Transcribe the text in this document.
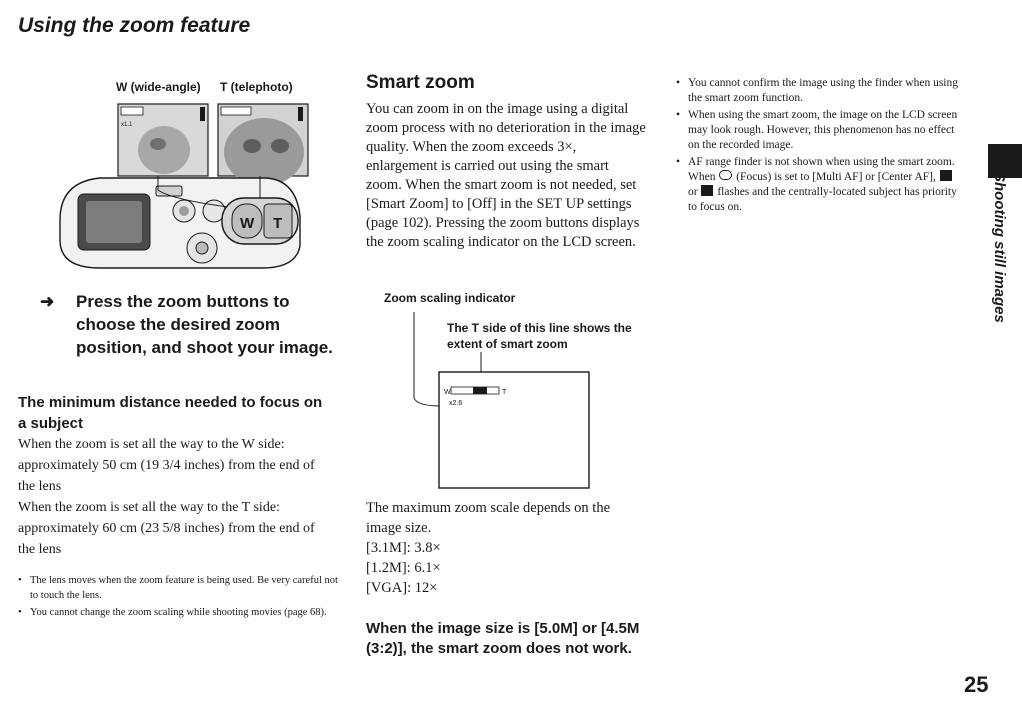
Using the zoom feature
W (wide-angle) T (telephoto)
x1.1
W T
➜	Press the zoom buttons to choose the desired zoom position, and shoot your image.
The minimum distance needed to focus on a subject
When the zoom is set all the way to the W side: approximately 50 cm (19 3/4 inches) from the end of the lens
When the zoom is set all the way to the T side: approximately 60 cm (23 5/8 inches) from the end of the lens
• The lens moves when the zoom feature is being used. Be very careful not to touch the lens.
• You cannot change the zoom scaling while shooting movies (page 68).
Smart zoom
You can zoom in on the image using a digital zoom process with no deterioration in the image quality. When the zoom exceeds 3×, enlargement is carried out using the smart zoom. When the smart zoom is not needed, set [Smart Zoom] to [Off] in the SET UP settings (page 102). Pressing the zoom buttons displays the zoom scaling indicator on the LCD screen.
Zoom scaling indicator
W	T
x2.6
The T side of this line shows the extent of smart zoom
The maximum zoom scale depends on the image size.
[3.1M]: 3.8×
[1.2M]: 6.1×
[VGA]: 12×
When the image size is [5.0M] or [4.5M (3:2)], the smart zoom does not work.
• You cannot confirm the image using the finder when using the smart zoom function.
• When using the smart zoom, the image on the LCD screen may look rough. However, this phenomenon has no effect on the recorded image.
• AF range finder is not shown when using the smart zoom. When (Focus) is set to [Multi AF] or [Center AF],  or flashes and the centrally-located subject has priority to focus on.	Shooting still images
25
